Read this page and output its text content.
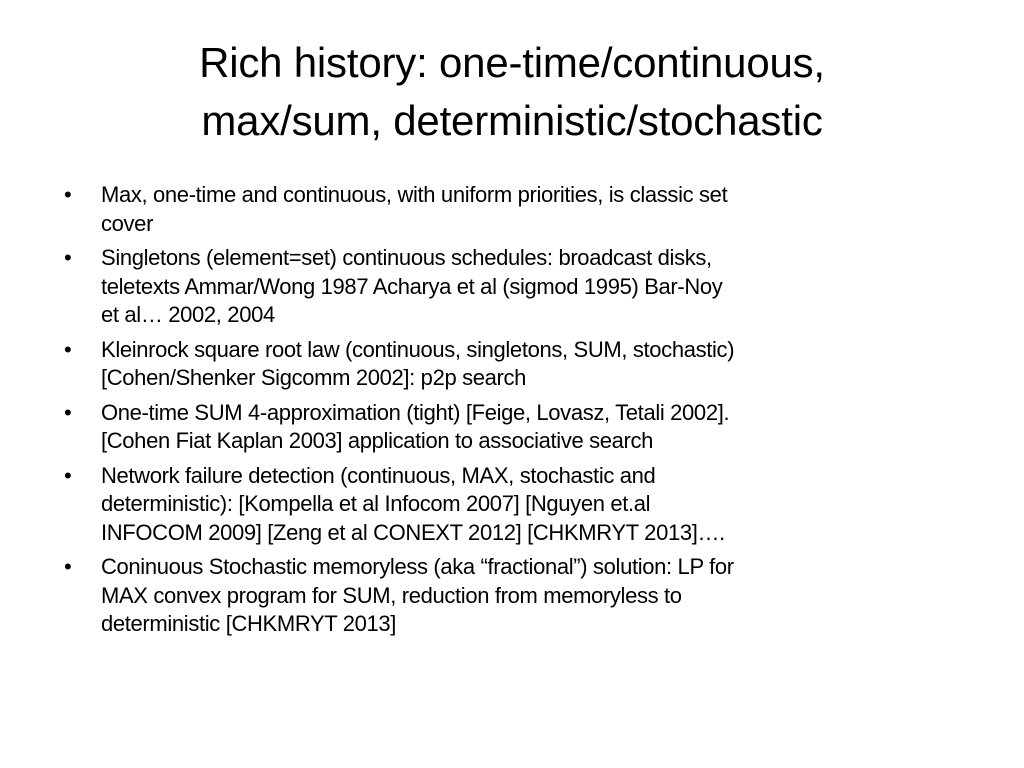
Rich history: one-time/continuous,
max/sum, deterministic/stochastic
• Max, one-time and continuous, with uniform priorities, is classic set
cover
• Singletons (element=set) continuous schedules: broadcast disks,
teletexts Ammar/Wong 1987 Acharya et al (sigmod 1995) Bar-Noy
et al… 2002, 2004
• Kleinrock square root law (continuous, singletons, SUM, stochastic)
[Cohen/Shenker Sigcomm 2002]: p2p search
• One-time SUM 4-approximation (tight) [Feige, Lovasz, Tetali 2002].
[Cohen Fiat Kaplan 2003] application to associative search
• Network failure detection (continuous, MAX, stochastic and
deterministic): [Kompella et al Infocom 2007] [Nguyen et.al
INFOCOM 2009] [Zeng et al CONEXT 2012] [CHKMRYT 2013]….
• Coninuous Stochastic memoryless (aka “fractional”) solution: LP for
MAX convex program for SUM, reduction from memoryless to
deterministic [CHKMRYT 2013]
